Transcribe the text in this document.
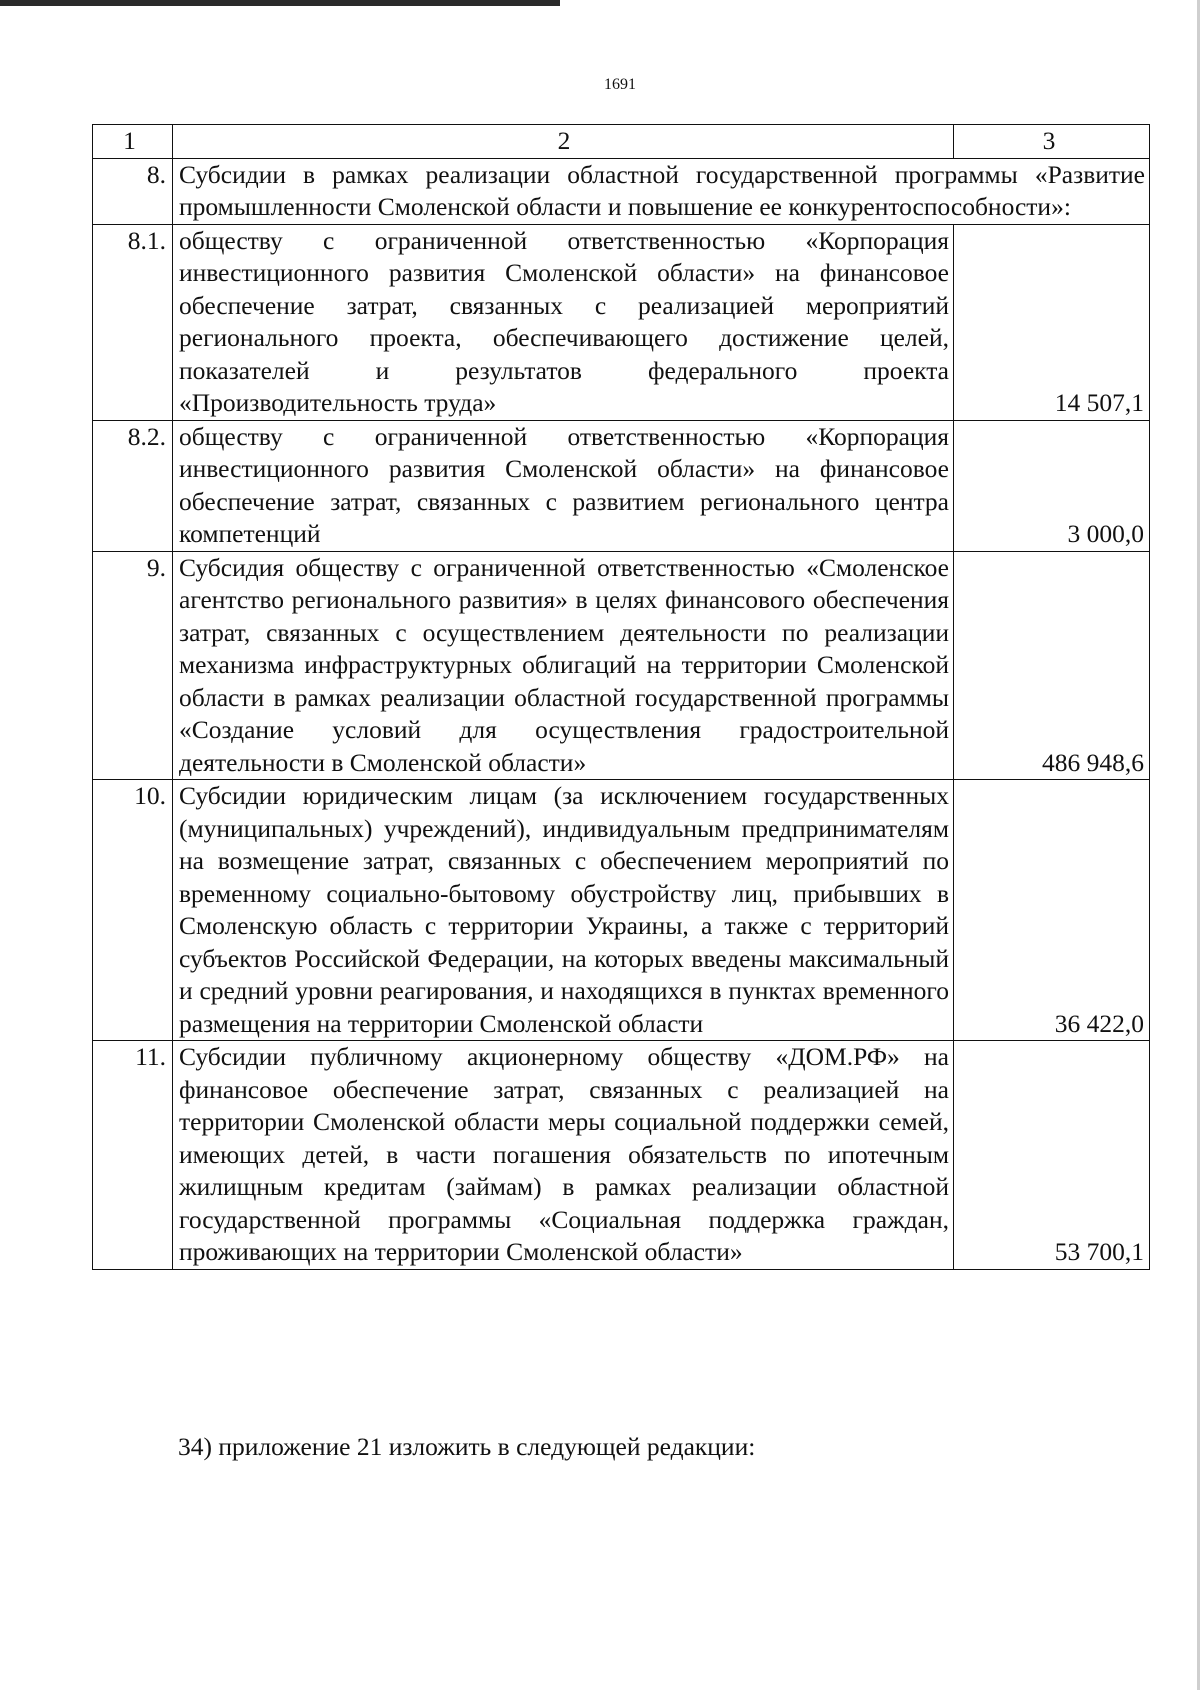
1691
1	2	3
8.	Субсидии в рамках реализации областной государственной программы «Развитие промышленности Смоленской области и повышение ее конкурентоспособности»:	
8.1.	обществу с ограниченной ответственностью «Корпорация инвестиционного развития Смоленской области» на финансовое обеспечение затрат, связанных с реализацией мероприятий регионального проекта, обеспечивающего достижение целей, показателей и результатов федерального проекта «Производительность труда»	14 507,1
8.2.	обществу с ограниченной ответственностью «Корпорация инвестиционного развития Смоленской области» на финансовое обеспечение затрат, связанных с развитием регионального центра компетенций	3 000,0
9.	Субсидия обществу с ограниченной ответственностью «Смоленское агентство регионального развития» в целях финансового обеспечения затрат, связанных с осуществлением деятельности по реализации механизма инфраструктурных облигаций на территории Смоленской области в рамках реализации областной государственной программы «Создание условий для осуществления градостроительной деятельности в Смоленской области»	486 948,6
10.	Субсидии юридическим лицам (за исключением государственных (муниципальных) учреждений), индивидуальным предпринимателям на возмещение затрат, связанных с обеспечением мероприятий по временному социально-бытовому обустройству лиц, прибывших в Смоленскую область с территории Украины, а также с территорий субъектов Российской Федерации, на которых введены максимальный и средний уровни реагирования, и находящихся в пунктах временного размещения на территории Смоленской области	36 422,0
11.	Субсидии публичному акционерному обществу «ДОМ.РФ» на финансовое обеспечение затрат, связанных с реализацией на территории Смоленской области меры социальной поддержки семей, имеющих детей, в части погашения обязательств по ипотечным жилищным кредитам (займам) в рамках реализации областной государственной программы «Социальная поддержка граждан, проживающих на территории Смоленской области»	53 700,1
34) приложение 21 изложить в следующей редакции:
